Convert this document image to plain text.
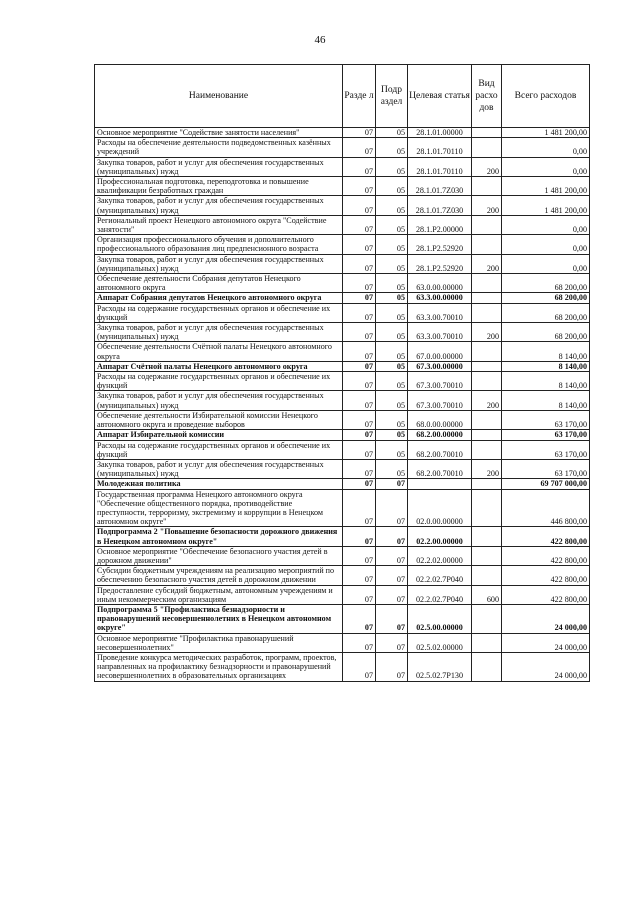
46
Наименование	Разде л	Подр аздел	Целевая статья	Вид расхо дов	Всего расходов
Основное мероприятие "Содействие занятости населения"	07	05	28.1.01.00000		1 481 200,00
Расходы на обеспечение деятельности подведомственных казённых учреждений	07	05	28.1.01.70110		0,00
Закупка товаров, работ и услуг для обеспечения государственных (муниципальных) нужд	07	05	28.1.01.70110	200	0,00
Профессиональная подготовка, переподготовка и повышение квалификации безработных граждан	07	05	28.1.01.7Z030		1 481 200,00
Закупка товаров, работ и услуг для обеспечения государственных (муниципальных) нужд	07	05	28.1.01.7Z030	200	1 481 200,00
Региональный проект Ненецкого автономного округа "Содействие занятости"	07	05	28.1.P2.00000		0,00
Организация профессионального обучения и дополнительного профессионального образования лиц предпенсионного возраста	07	05	28.1.P2.52920		0,00
Закупка товаров, работ и услуг для обеспечения государственных (муниципальных) нужд	07	05	28.1.P2.52920	200	0,00
Обеспечение деятельности Собрания депутатов Ненецкого автономного округа	07	05	63.0.00.00000		68 200,00
Аппарат Собрания депутатов Ненецкого автономного округа	07	05	63.3.00.00000		68 200,00
Расходы на содержание государственных органов и обеспечение их функций	07	05	63.3.00.70010		68 200,00
Закупка товаров, работ и услуг для обеспечения государственных (муниципальных) нужд	07	05	63.3.00.70010	200	68 200,00
Обеспечение деятельности Счётной палаты Ненецкого автономного округа	07	05	67.0.00.00000		8 140,00
Аппарат Счётной палаты Ненецкого автономного округа	07	05	67.3.00.00000		8 140,00
Расходы на содержание государственных органов и обеспечение их функций	07	05	67.3.00.70010		8 140,00
Закупка товаров, работ и услуг для обеспечения государственных (муниципальных) нужд	07	05	67.3.00.70010	200	8 140,00
Обеспечение деятельности Избирательной комиссии Ненецкого автономного округа и проведение выборов	07	05	68.0.00.00000		63 170,00
Аппарат Избирательной комиссии	07	05	68.2.00.00000		63 170,00
Расходы на содержание государственных органов и обеспечение их функций	07	05	68.2.00.70010		63 170,00
Закупка товаров, работ и услуг для обеспечения государственных (муниципальных) нужд	07	05	68.2.00.70010	200	63 170,00
Молодежная политика	07	07			69 707 000,00
Государственная программа Ненецкого автономного округа "Обеспечение общественного порядка, противодействие преступности, терроризму, экстремизму и коррупции в Ненецком автономном округе"	07	07	02.0.00.00000		446 800,00
Подпрограмма 2 "Повышение безопасности дорожного движения в Ненецком автономном округе"	07	07	02.2.00.00000		422 800,00
Основное мероприятие "Обеспечение безопасного участия детей в дорожном движении"	07	07	02.2.02.00000		422 800,00
Субсидии бюджетным учреждениям на реализацию мероприятий по обеспечению безопасного участия детей в дорожном движении	07	07	02.2.02.7P040		422 800,00
Предоставление субсидий бюджетным, автономным учреждениям и иным некоммерческим организациям	07	07	02.2.02.7P040	600	422 800,00
Подпрограмма 5 "Профилактика безнадзорности и правонарушений несовершеннолетних в Ненецком автономном округе"	07	07	02.5.00.00000		24 000,00
Основное мероприятие "Профилактика правонарушений несовершеннолетних"	07	07	02.5.02.00000		24 000,00
Проведение конкурса методических разработок, программ, проектов, направленных на профилактику безнадзорности и правонарушений несовершеннолетних в образовательных организациях	07	07	02.5.02.7P130		24 000,00
